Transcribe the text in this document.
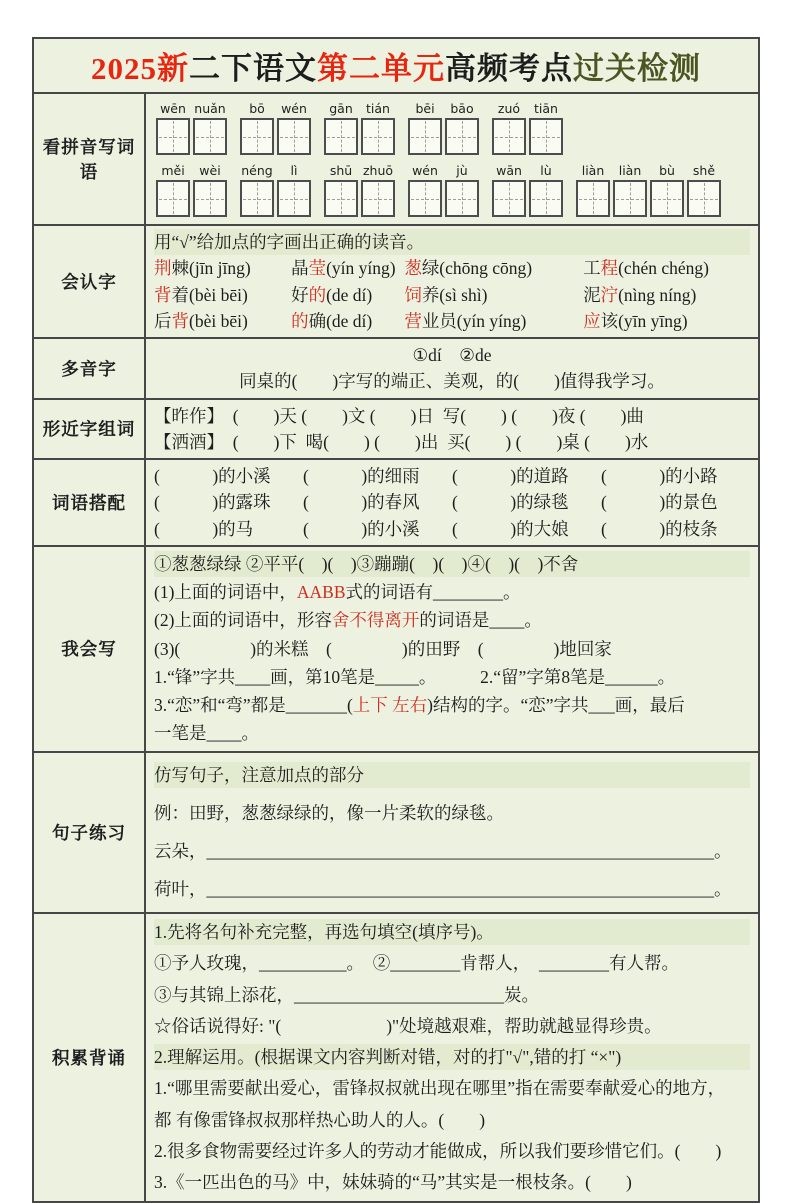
2025新 二下语文 第二单元 高频考点 过关检测
看拼音写词语
wēn nuǎn bō wén gān tián bēi bāo zuó tiān
měi wèi néng lì	shū zhuō wén jù wān lù liàn liàn bù shě
会认字
用“√”给加点的字画出正确的读音。
荆棘(jīn jīng)	晶莹(yín yíng) 葱绿(chōng cōng)	工程(chén chéng)
背着(bèi bēi)	好的(de dí)	饲养(sì shì)	泥泞(nìng níng)
后背(bèi bēi)	的确(de dí)	营业员(yín yíng)	应该(yīn yīng)
多音字
①dí　②de
同桌的(　　)字写的端正、美观，的(　　)值得我学习。
形近字组词
【昨作】　(　　)天 (　　)文 (　　)日  写(　　) (　　)夜 (　　)曲
【洒酒】　(　　)下  喝(　　) (　　)出  买(　　) (　　)桌 (　　)水
词语搭配
(　　　)的小溪	(　　　)的细雨	(　　　)的道路	(　　　)的小路
(　　　)的露珠	(　　　)的春风	(　　　)的绿毯	(　　　)的景色
(　　　)的马	(　　　)的小溪	(　　　)的大娘	(　　　)的枝条
我会写
①葱葱绿绿 ②平平(　)(　)③蹦蹦(　)(　)④(　)(　)不舍
(1)上面的词语中，AABB式的词语有________。
(2)上面的词语中，形容舍不得离开的词语是____。
(3)(　　　　)的米糕　(　　　　)的田野　(　　　　)地回家
1.“锋”字共____画，第10笔是_____。　　　2.“留”字第8笔是______。
3.“恋”和“弯”都是_______(上下 左右)结构的字。“恋”字共___画，最后
一笔是____。
句子练习
仿写句子，注意加点的部分
例：田野，葱葱绿绿的，像一片柔软的绿毯。
云朵，__________________________________________________________。
荷叶，__________________________________________________________。
积累背诵
1.先将名句补充完整，再选句填空(填序号)。
①予人玫瑰，__________。　②________肯帮人，　________有人帮。
③与其锦上添花，________________________炭。
☆俗话说得好: "(　　　　　　)"处境越艰难，帮助就越显得珍贵。
2.理解运用。(根据课文内容判断对错，对的打"√",错的打 “×")
1.“哪里需要献出爱心，雷锋叔叔就出现在哪里”指在需要奉献爱心的地方，
都 有像雷锋叔叔那样热心助人的人。(　　)
2.很多食物需要经过许多人的劳动才能做成，所以我们要珍惜它们。(　　)
3.《一匹出色的马》中，妹妹骑的“马”其实是一根枝条。(　　)
